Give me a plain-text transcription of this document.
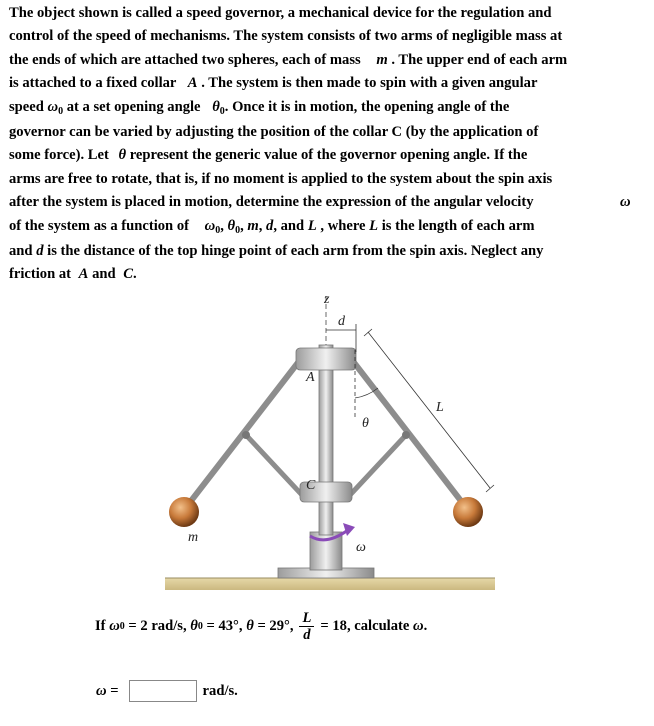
The object shown is called a speed governor, a mechanical device for the regulation and
control of the speed of mechanisms. The system consists of two arms of negligible mass at
the ends of which are attached two spheres, each of mass m . The upper end of each arm
is attached to a fixed collar A . The system is then made to spin with a given angular
speed $\omega_0$ at a set opening angle $\theta_0$. Once it is in motion, the opening angle of the
governor can be varied by adjusting the position of the collar C (by the application of
some force). Let θ represent the generic value of the governor opening angle. If the
arms are free to rotate, that is, if no moment is applied to the system about the spin axis
after the system is placed in motion, determine the expression of the angular velocity	ω
of the system as a function of $\omega_0$, $\theta_0$, m, d, and L , where L is the length of each arm
and d is the distance of the top hinge point of each arm from the spin axis. Neglect any
friction at A and C.
z
d
A
C
L
θ
m
ω
If
ω 0
= 2 rad/s,
θ 0
= 43°,
θ
= 29°, $\frac{L}{d} = 18$, calculate
ω .
ω
=	rad/s.
